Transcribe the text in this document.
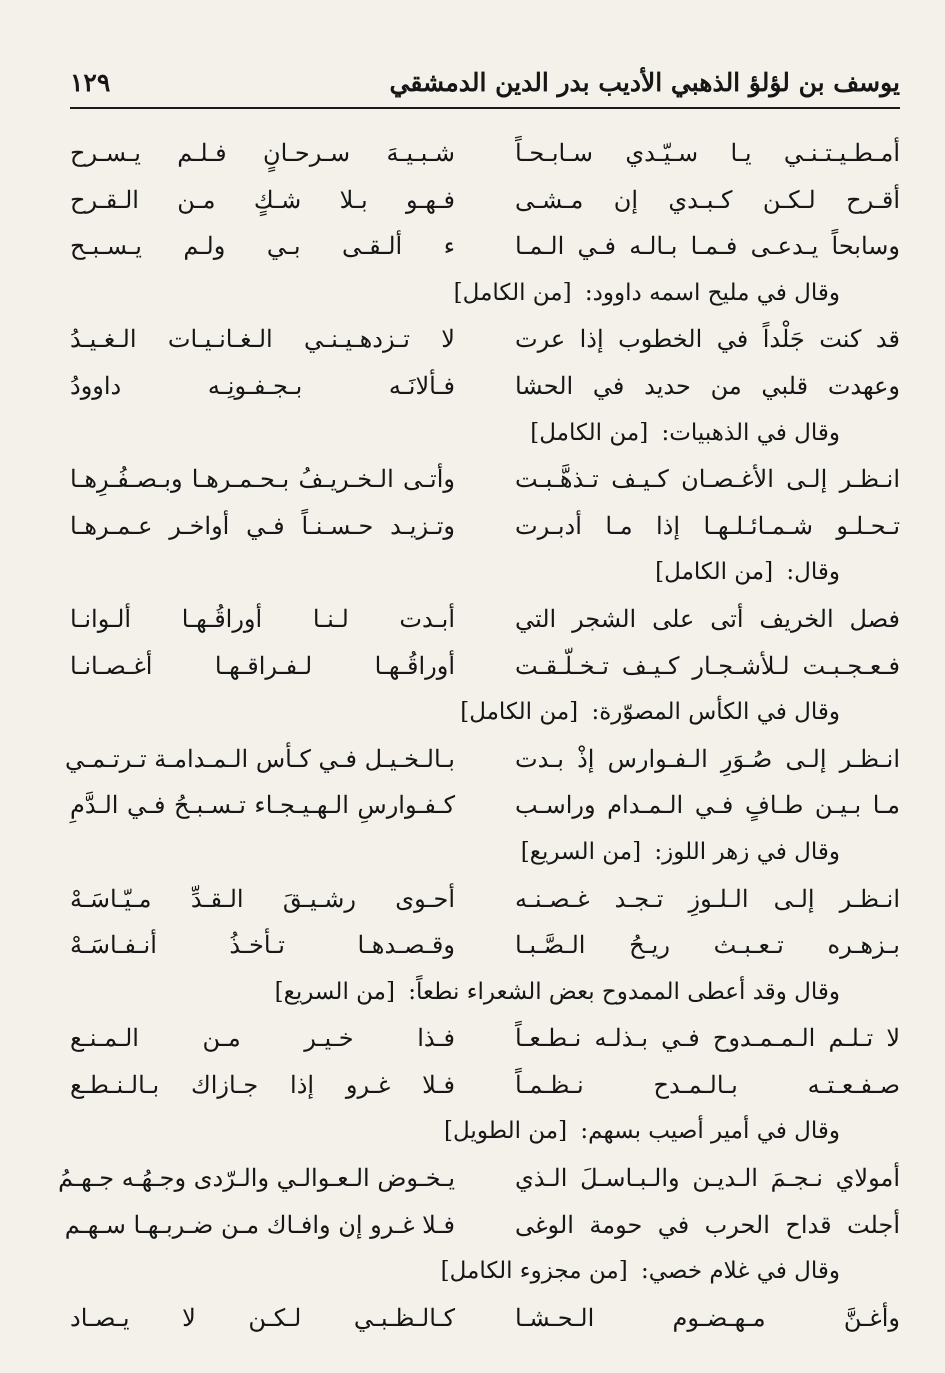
يوسف بن لؤلؤ الذهبي الأديب بدر الدين الدمشقي
١٢٩
أمـطـيـتـنـي يـا سـيّـدي سـابـحـاً
شـبـيـهَ سـرحـانٍ فـلـم يـسـرح
أقـرح لـكـن كـبـدي إن مـشـى
فـهـو بـلا شـكٍ مـن الـقـرح
وسابحاً يـدعـى فـمـا بـالـه فـي الـمـا
ء ألـقـى بـي ولـم يـسـبـح
وقال في مليح اسمه داوود: [من الكامل]
قد كنت جَلْداً في الخطوب إذا عرت
لا تـزدهـيـنـي الـغـانـيـات الـغـيـدُ
وعهدت قلبي من حديد في الحشا
فـألانَـه بـجـفـونِـه داوودُ
وقال في الذهبيات: [من الكامل]
انـظـر إلـى الأغـصـان كـيـف تـذهَّـبـت
وأتـى الـخـريـفُ بـحـمـرهـا وبـصـفُـرِهـا
تـحـلـو شـمـائـلـهـا إذا مـا أدبـرت
وتـزيـد حـسـنـاً فـي أواخـر عـمـرهـا
وقال: [من الكامل]
فصل الخريف أتى على الشجر التي
أبـدت لـنـا أوراقُـهـا ألـوانـا
فـعـجـبـت لـلأشـجـار كـيـف تـخـلّـقـت
أوراقُـهـا لـفـراقـهـا أغـصـانـا
وقال في الكأس المصوّرة: [من الكامل]
انـظـر إلـى صُـوَرِ الـفـوارس إذْ بـدت
بـالـخـيـل فـي كـأس الـمـدامـة تـرتـمـي
مـا بـيـن طـافٍ فـي الـمـدام وراسـب
كـفـوارسِ الـهـيـجـاء تـسـبـحُ فـي الـدَّمِ
وقال في زهر اللوز: [من السريع]
انـظـر إلـى الـلـوزِ تـجـد غـصـنـه
أحـوى رشـيـقَ الـقـدِّ مـيّـاسَـهْ
بـزهـره تـعـبـث ريـحُ الـصَّـبـا
وقـصـدهـا تـأخـذُ أنـفـاسَـهْ
وقال وقد أعطى الممدوح بعض الشعراء نطعاً: [من السريع]
لا تـلـم الـمـمـدوح فـي بـذلـه نـطـعـاً
فـذا خـيـر مـن الـمـنـع
صـفـعـتـه بـالـمـدح نـظـمـاً
فـلا غـرو إذا جـازاك بـالـنـطـع
وقال في أمير أصيب بسهم: [من الطويل]
أمولاي نـجـمَ الـديـن والـبـاسـلَ الـذي
يـخـوض الـعـوالـي والـرّدى وجـهُـه جـهـمُ
أجلت قداح الحرب في حومة الوغى
فـلا غـرو إن وافـاك مـن ضـربـهـا سـهـم
وقال في غلام خصي: [من مجزوء الكامل]
وأغـنَّ مـهـضـوم الـحـشـا
كـالـظـبـي لـكـن لا يـصـاد
